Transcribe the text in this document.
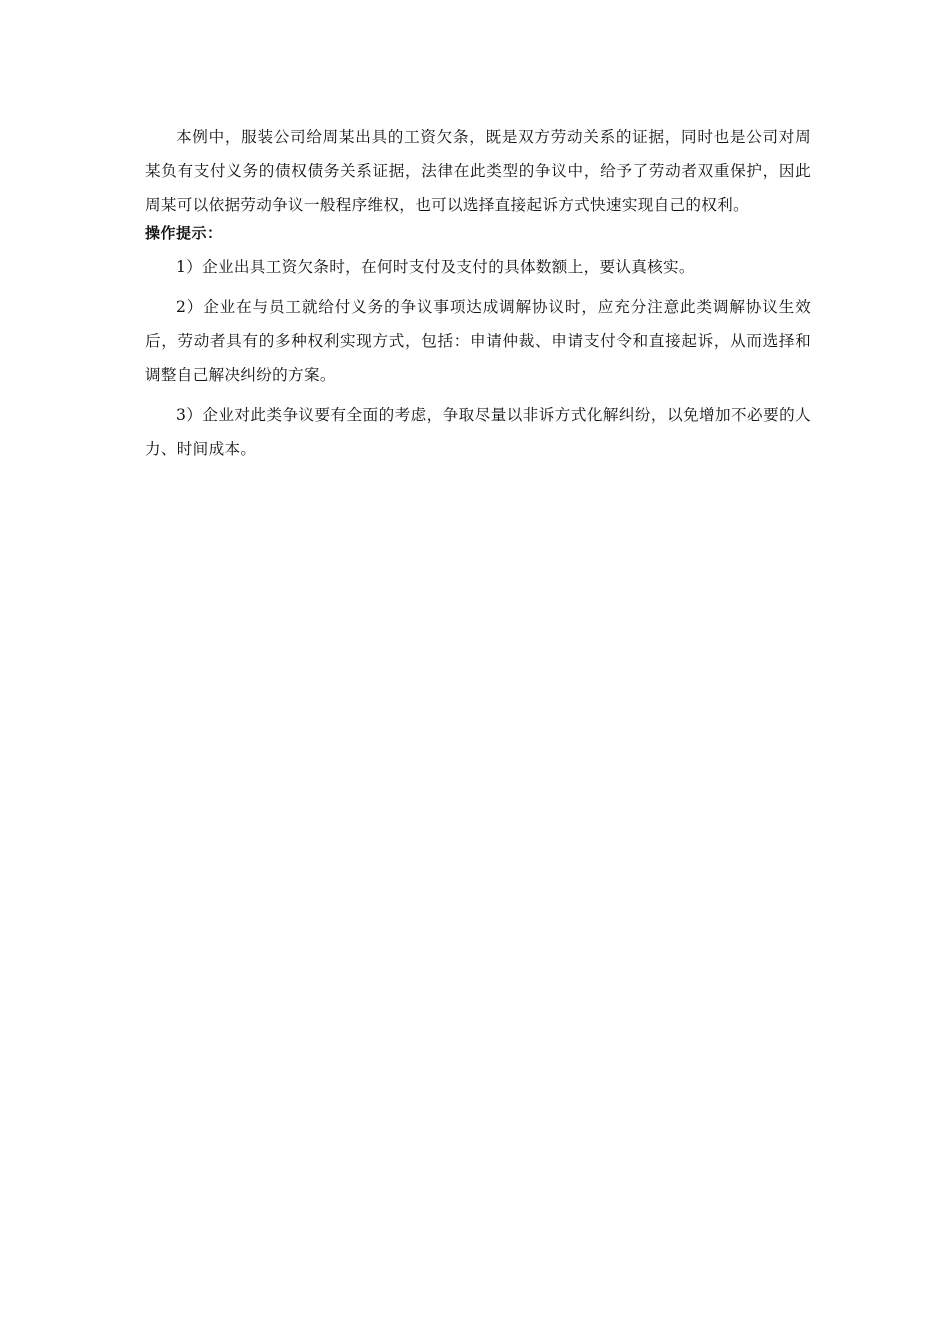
本例中，服装公司给周某出具的工资欠条，既是双方劳动关系的证据，同时也是公司对周某负有支付义务的债权债务关系证据，法律在此类型的争议中，给予了劳动者双重保护，因此周某可以依据劳动争议一般程序维权，也可以选择直接起诉方式快速实现自己的权利。

操作提示：

1）企业出具工资欠条时，在何时支付及支付的具体数额上，要认真核实。

2）企业在与员工就给付义务的争议事项达成调解协议时，应充分注意此类调解协议生效后，劳动者具有的多种权利实现方式，包括：申请仲裁、申请支付令和直接起诉，从而选择和调整自己解决纠纷的方案。

3）企业对此类争议要有全面的考虑，争取尽量以非诉方式化解纠纷，以免增加不必要的人力、时间成本。
